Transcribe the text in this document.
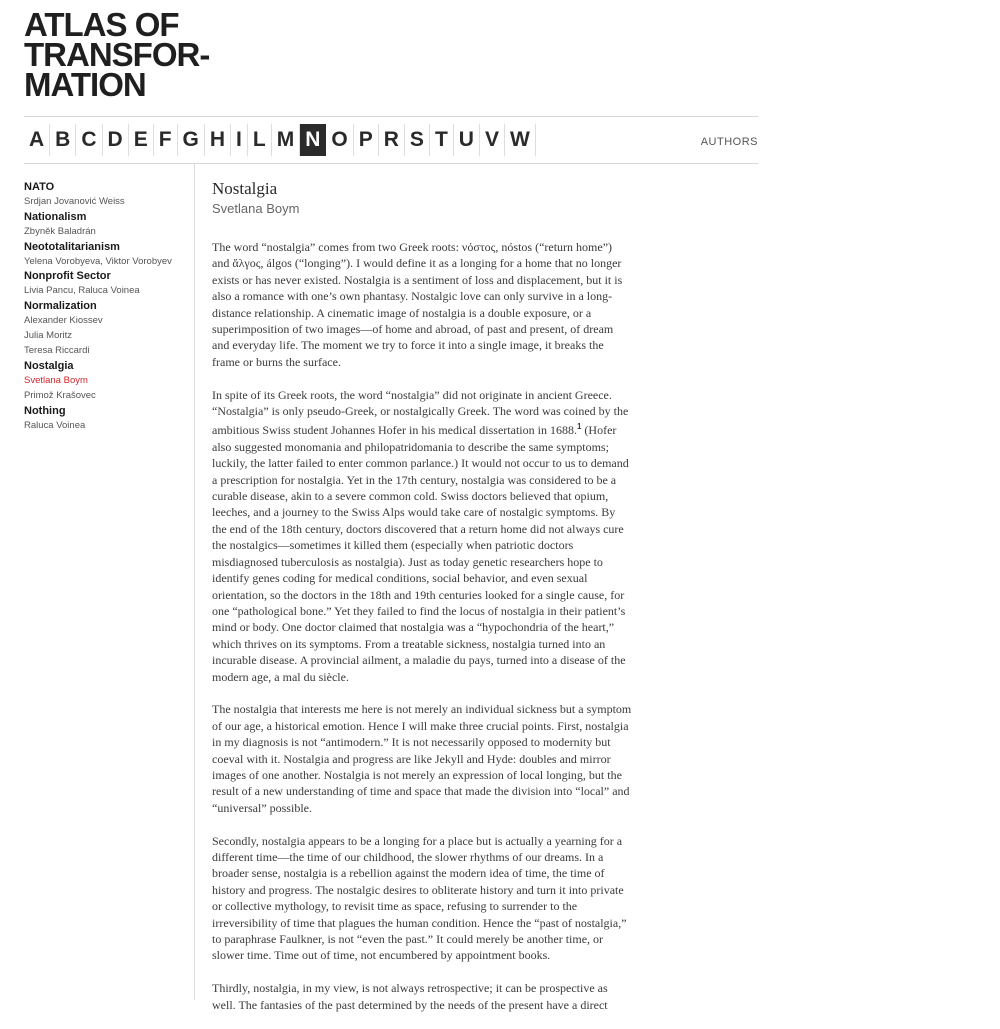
ATLAS OF
TRANSFOR-
MATION
A B C D E F G H I L M N O P R S T U V W	AUTHORS
NATO
Srdjan Jovanović Weiss
Nationalism
Zbyněk Baladrán
Neototalitarianism
Yelena Vorobyeva, Viktor Vorobyev
Nonprofit Sector
Livia Pancu, Raluca Voinea
Normalization
Alexander Kiossev
Julia Moritz
Teresa Riccardi
Nostalgia
Svetlana Boym
Primož Krašovec
Nothing
Raluca Voinea
Nostalgia
Svetlana Boym

The word “nostalgia” comes from two Greek roots: νόστος, nóstos (“return home”) and ἄλγος, álgos (“longing”). I would define it as a longing for a home that no longer exists or has never existed. Nostalgia is a sentiment of loss and displacement, but it is also a romance with one’s own phantasy. Nostalgic love can only survive in a long-distance relationship. A cinematic image of nostalgia is a double exposure, or a superimposition of two images—of home and abroad, of past and present, of dream and everyday life. The moment we try to force it into a single image, it breaks the frame or burns the surface.

In spite of its Greek roots, the word “nostalgia” did not originate in ancient Greece. “Nostalgia” is only pseudo-Greek, or nostalgically Greek. The word was coined by the ambitious Swiss student Johannes Hofer in his medical dissertation in 1688.$^1$ (Hofer also suggested monomania and philopatridomania to describe the same symptoms; luckily, the latter failed to enter common parlance.) It would not occur to us to demand a prescription for nostalgia. Yet in the 17th century, nostalgia was considered to be a curable disease, akin to a severe common cold. Swiss doctors believed that opium, leeches, and a journey to the Swiss Alps would take care of nostalgic symptoms. By the end of the 18th century, doctors discovered that a return home did not always cure the nostalgics—sometimes it killed them (especially when patriotic doctors misdiagnosed tuberculosis as nostalgia). Just as today genetic researchers hope to identify genes coding for medical conditions, social behavior, and even sexual orientation, so the doctors in the 18th and 19th centuries looked for a single cause, for one “pathological bone.” Yet they failed to find the locus of nostalgia in their patient’s mind or body. One doctor claimed that nostalgia was a “hypochondria of the heart,” which thrives on its symptoms. From a treatable sickness, nostalgia turned into an incurable disease. A provincial ailment, a maladie du pays, turned into a disease of the modern age, a mal du siècle.

The nostalgia that interests me here is not merely an individual sickness but a symptom of our age, a historical emotion. Hence I will make three crucial points. First, nostalgia in my diagnosis is not “antimodern.” It is not necessarily opposed to modernity but coeval with it. Nostalgia and progress are like Jekyll and Hyde: doubles and mirror images of one another. Nostalgia is not merely an expression of local longing, but the result of a new understanding of time and space that made the division into “local” and “universal” possible.

Secondly, nostalgia appears to be a longing for a place but is actually a yearning for a different time—the time of our childhood, the slower rhythms of our dreams. In a broader sense, nostalgia is a rebellion against the modern idea of time, the time of history and progress. The nostalgic desires to obliterate history and turn it into private or collective mythology, to revisit time as space, refusing to surrender to the irreversibility of time that plagues the human condition. Hence the “past of nostalgia,” to paraphrase Faulkner, is not “even the past.” It could merely be another time, or slower time. Time out of time, not encumbered by appointment books.

Thirdly, nostalgia, in my view, is not always retrospective; it can be prospective as well. The fantasies of the past determined by the needs of the present have a direct
